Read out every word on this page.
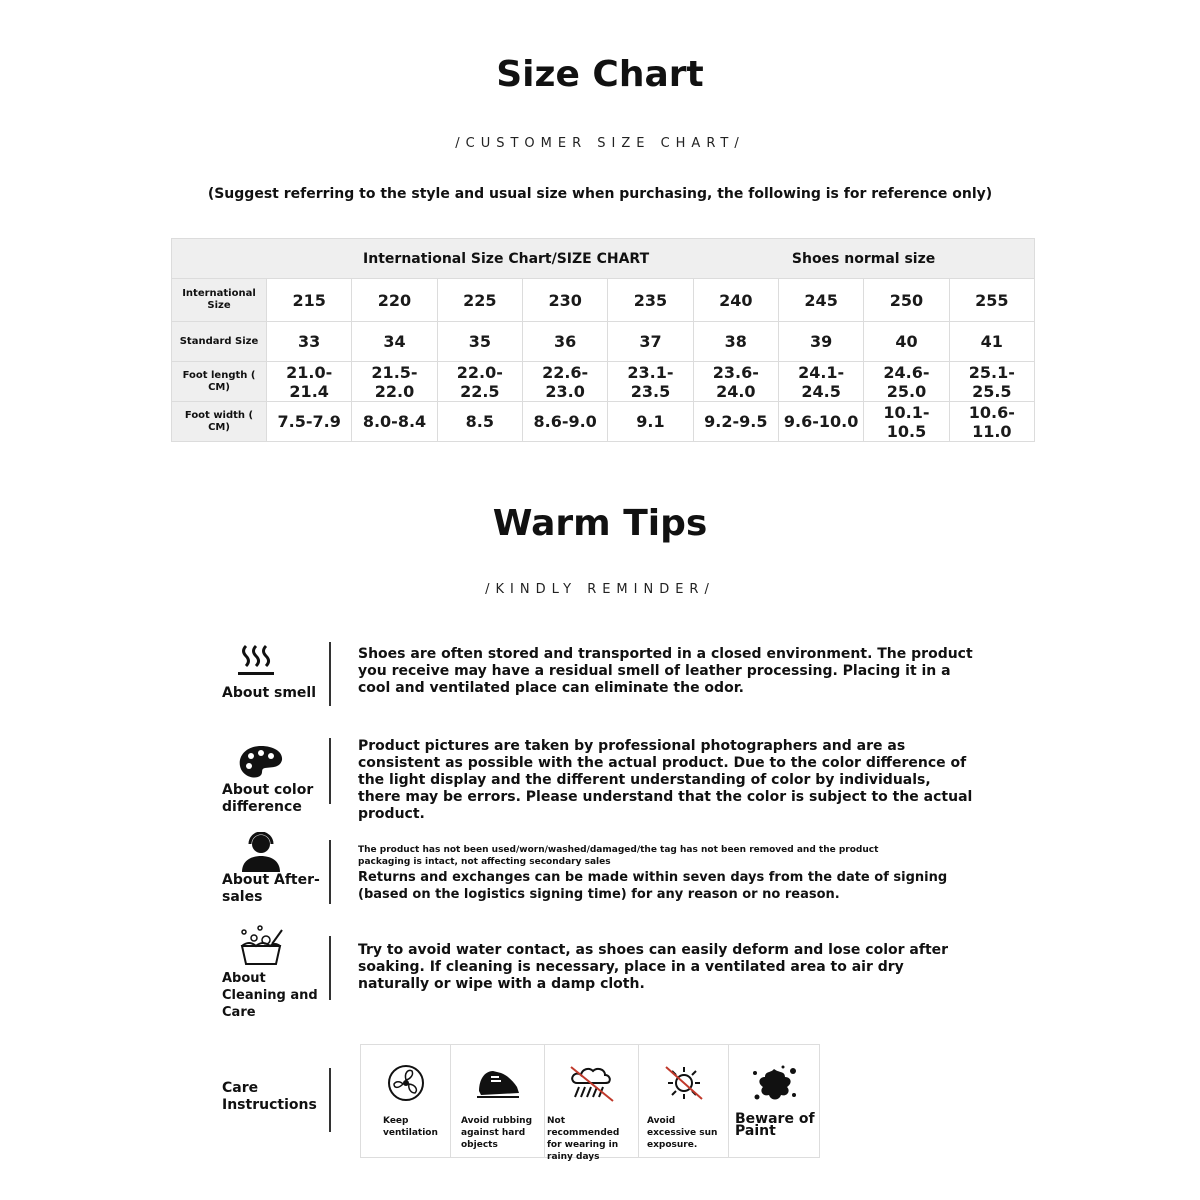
Size Chart
/CUSTOMER SIZE CHART/
(Suggest referring to the style and usual size when purchasing, the following is for reference only)
	International Size Chart/SIZE CHART					Shoes normal size			
International Size	215	220	225	230	235	240	245	250	255
Standard Size	33	34	35	36	37	38	39	40	41
Foot length ( CM)	21.0-21.4	21.5-22.0	22.0-22.5	22.6-23.0	23.1-23.5	23.6-24.0	24.1-24.5	24.6-25.0	25.1-25.5
Foot width ( CM)	7.5-7.9	8.0-8.4	8.5	8.6-9.0	9.1	9.2-9.5	9.6-10.0	10.1-10.5	10.6-11.0
Warm Tips
/KINDLY REMINDER/
About smell
Shoes are often stored and transported in a closed environment. The product you receive may have a residual smell of leather processing. Placing it in a cool and ventilated place can eliminate the odor.
About color difference
Product pictures are taken by professional photographers and are as consistent as possible with the actual product. Due to the color difference of the light display and the different understanding of color by individuals, there may be errors. Please understand that the color is subject to the actual product.
About After-sales
The product has not been used/worn/washed/damaged/the tag has not been removed and the product packaging is intact, not affecting secondary sales
Returns and exchanges can be made within seven days from the date of signing (based on the logistics signing time) for any reason or no reason.
About Cleaning and Care
Try to avoid water contact, as shoes can easily deform and lose color after soaking. If cleaning is necessary, place in a ventilated area to air dry naturally or wipe with a damp cloth.
Care Instructions
Keep ventilation
Avoid rubbing against hard objects
Not recommended for wearing in rainy days
Avoid excessive sun exposure.
Beware of Paint
